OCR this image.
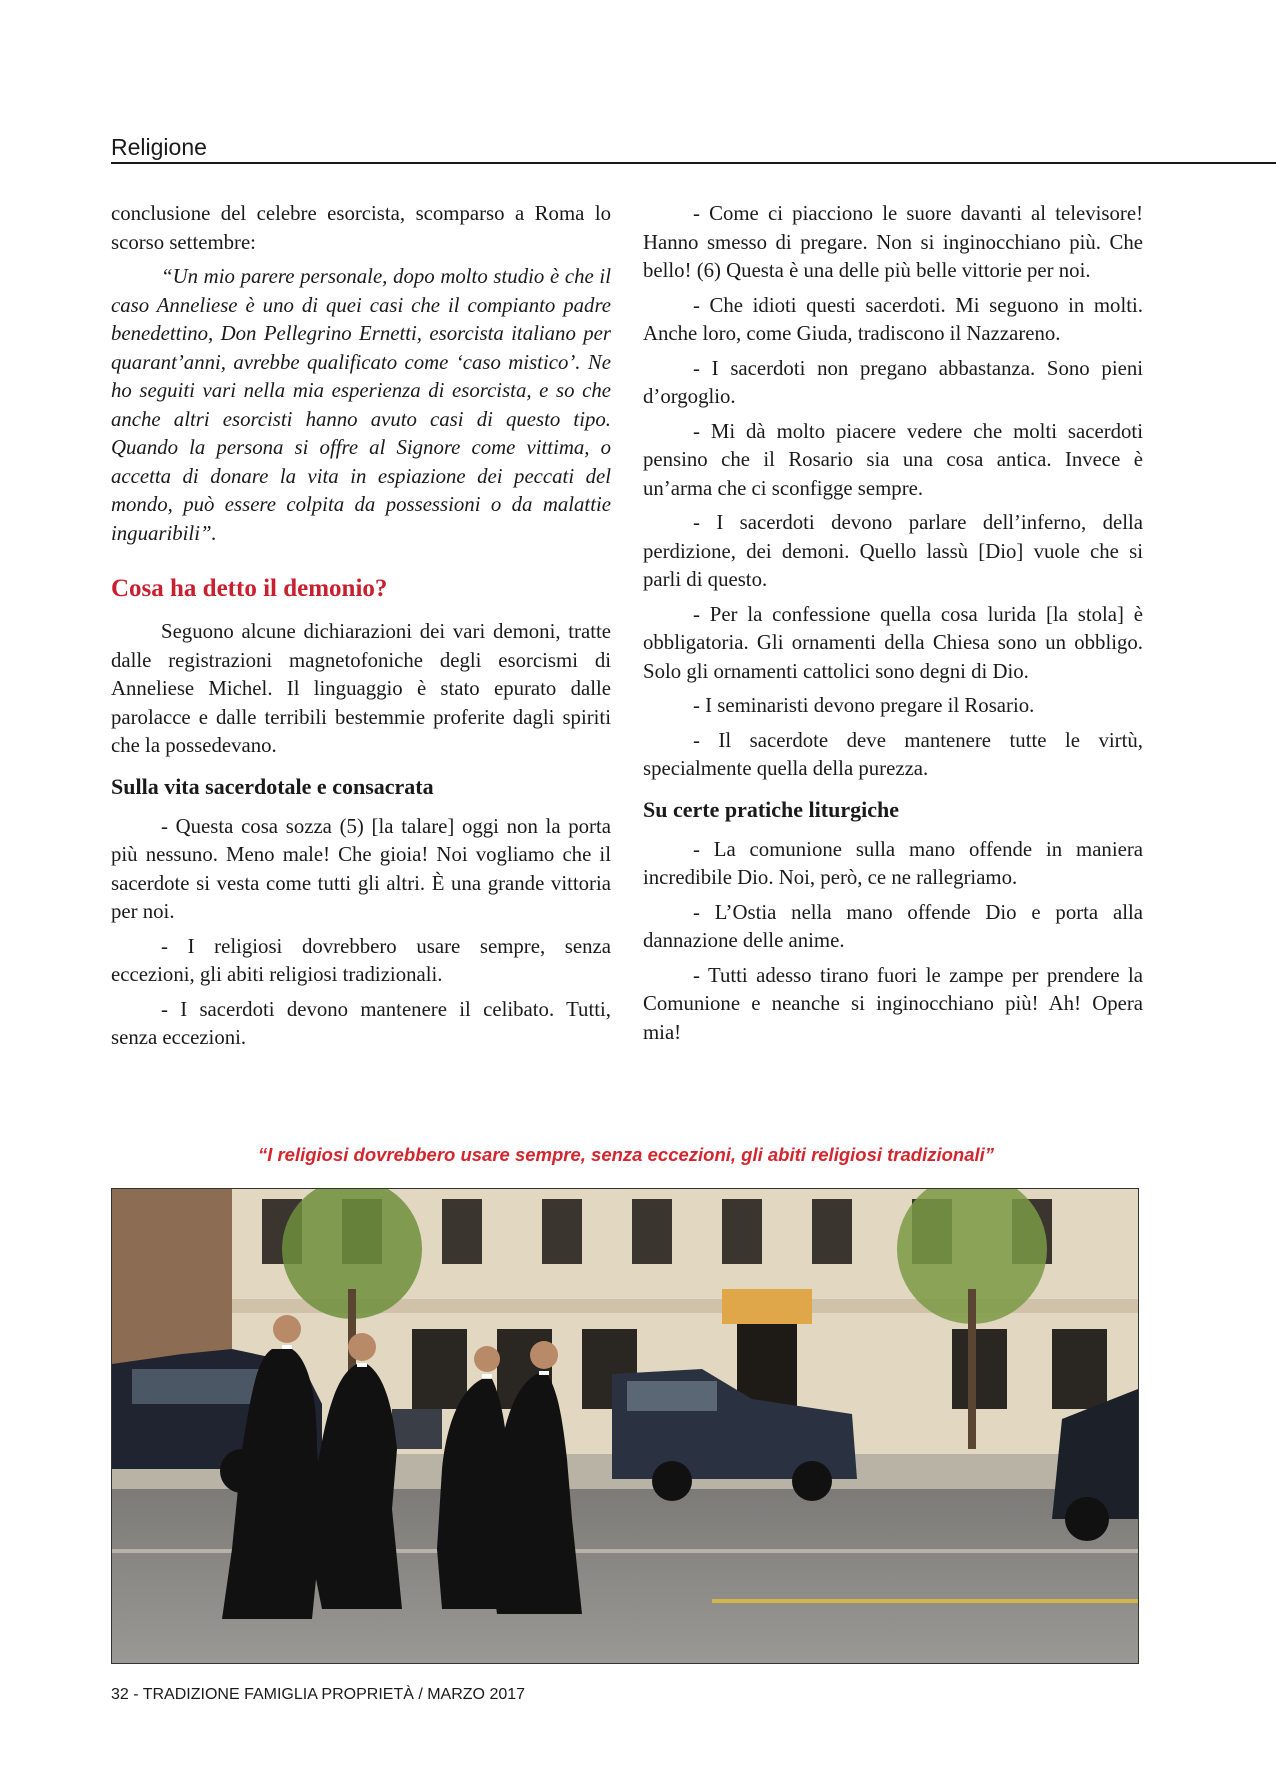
Religione

conclusione del celebre esorcista, scomparso a Roma lo scorso settembre:

“Un mio parere personale, dopo molto studio è che il caso Anneliese è uno di quei casi che il compianto padre benedettino, Don Pellegrino Ernetti, esorcista italiano per quarant’anni, avrebbe qualificato come ‘caso mistico’. Ne ho seguiti vari nella mia esperienza di esorcista, e so che anche altri esorcisti hanno avuto casi di questo tipo. Quando la persona si offre al Signore come vittima, o accetta di donare la vita in espiazione dei peccati del mondo, può essere colpita da possessioni o da malattie inguaribili”.

Cosa ha detto il demonio?

Seguono alcune dichiarazioni dei vari demoni, tratte dalle registrazioni magnetofoniche degli esorcismi di Anneliese Michel. Il linguaggio è stato epurato dalle parolacce e dalle terribili bestemmie proferite dagli spiriti che la possedevano.

Sulla vita sacerdotale e consacrata

- Questa cosa sozza (5) [la talare] oggi non la porta più nessuno. Meno male! Che gioia! Noi vogliamo che il sacerdote si vesta come tutti gli altri. È una grande vittoria per noi.

- I religiosi dovrebbero usare sempre, senza eccezioni, gli abiti religiosi tradizionali.

- I sacerdoti devono mantenere il celibato. Tutti, senza eccezioni.

- Come ci piacciono le suore davanti al televisore! Hanno smesso di pregare. Non si inginocchiano più. Che bello! (6) Questa è una delle più belle vittorie per noi.

- Che idioti questi sacerdoti. Mi seguono in molti. Anche loro, come Giuda, tradiscono il Nazzareno.

- I sacerdoti non pregano abbastanza. Sono pieni d’orgoglio.

- Mi dà molto piacere vedere che molti sacerdoti pensino che il Rosario sia una cosa antica. Invece è un’arma che ci sconfigge sempre.

- I sacerdoti devono parlare dell’inferno, della perdizione, dei demoni. Quello lassù [Dio] vuole che si parli di questo.

- Per la confessione quella cosa lurida [la stola] è obbligatoria. Gli ornamenti della Chiesa sono un obbligo. Solo gli ornamenti cattolici sono degni di Dio.

- I seminaristi devono pregare il Rosario.

- Il sacerdote deve mantenere tutte le virtù, specialmente quella della purezza.

Su certe pratiche liturgiche

- La comunione sulla mano offende in maniera incredibile Dio. Noi, però, ce ne rallegriamo.

- L’Ostia nella mano offende Dio e porta alla dannazione delle anime.

- Tutti adesso tirano fuori le zampe per prendere la Comunione e neanche si inginocchiano più! Ah! Opera mia!

“I religiosi dovrebbero usare sempre, senza eccezioni, gli abiti religiosi tradizionali”
32 - TRADIZIONE FAMIGLIA PROPRIETÀ / MARZO 2017
